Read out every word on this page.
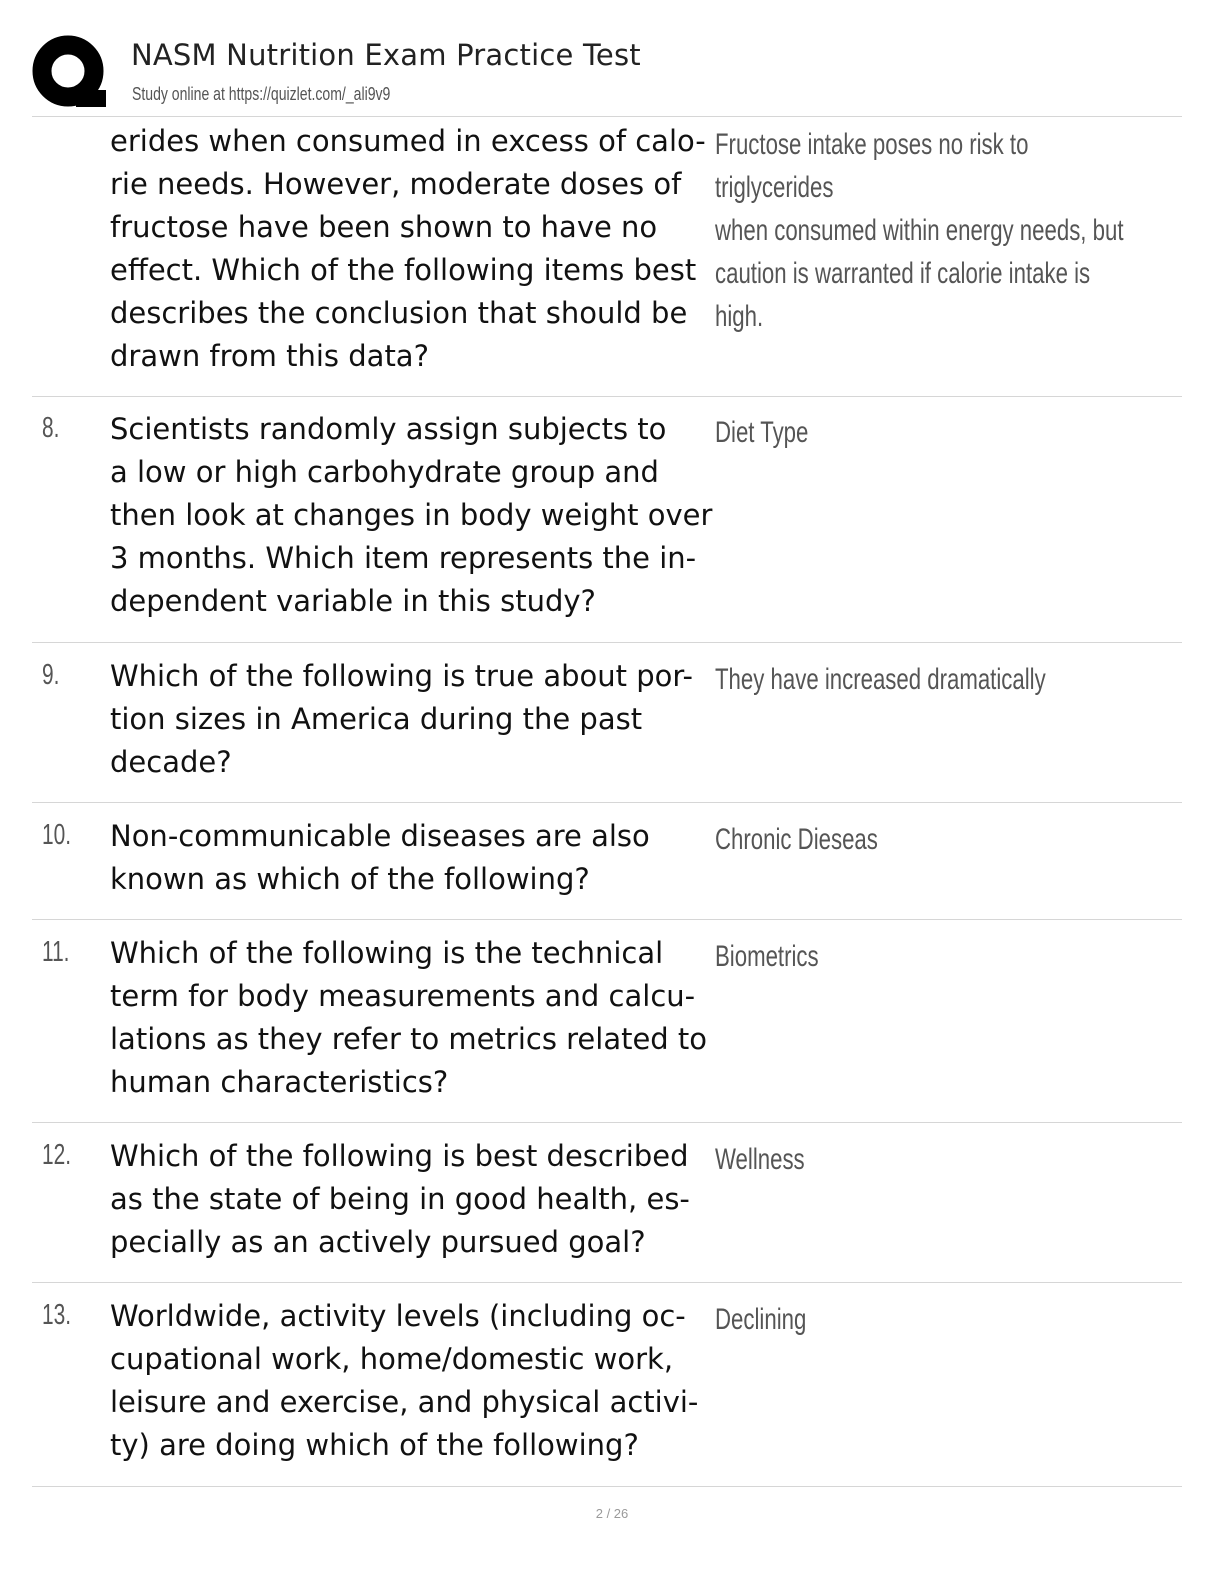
NASM Nutrition Exam Practice Test
Study online at https://quizlet.com/_ali9v9
erides when consumed in excess of calo-
rie needs. However, moderate doses of
fructose have been shown to have no
effect. Which of the following items best
describes the conclusion that should be
drawn from this data?
Fructose intake poses no risk to triglycerides
when consumed within energy needs, but
caution is warranted if calorie intake is high.
8. Scientists randomly assign subjects to
a low or high carbohydrate group and
then look at changes in body weight over
3 months. Which item represents the in-
dependent variable in this study?
Diet Type
9. Which of the following is true about por-
tion sizes in America during the past
decade?
They have increased dramatically
10. Non-communicable diseases are also
known as which of the following?
Chronic Dieseas
11. Which of the following is the technical
term for body measurements and calcu-
lations as they refer to metrics related to
human characteristics?
Biometrics
12. Which of the following is best described
as the state of being in good health, es-
pecially as an actively pursued goal?
Wellness
13. Worldwide, activity levels (including oc-
cupational work, home/domestic work,
leisure and exercise, and physical activi-
ty) are doing which of the following?
Declining
2 / 26
